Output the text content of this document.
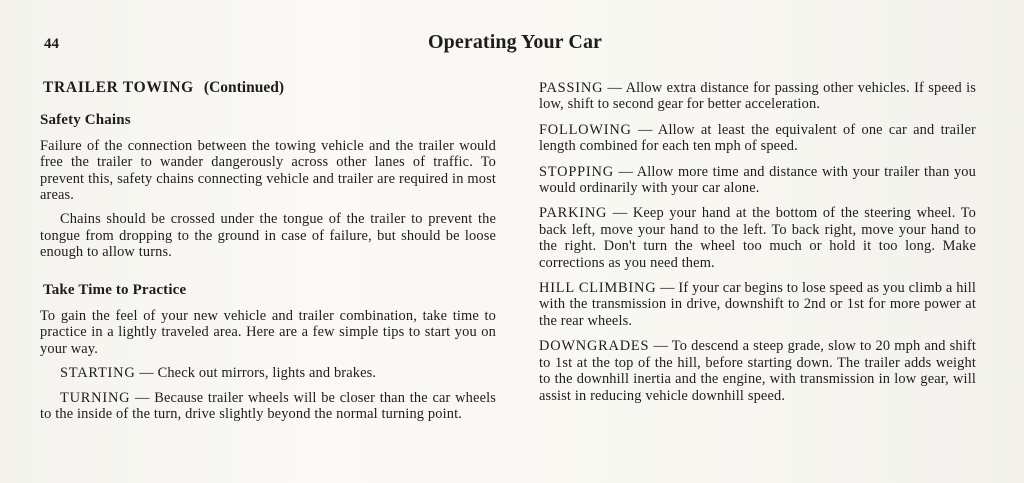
44	Operating Your Car
TRAILER TOWING (Continued)
Safety Chains

Failure of the connection between the towing vehicle and the trailer would free the trailer to wander dangerously across other lanes of traffic. To prevent this, safety chains connecting vehicle and trailer are required in most areas.

Chains should be crossed under the tongue of the trailer to prevent the tongue from dropping to the ground in case of failure, but should be loose enough to allow turns.

Take Time to Practice

To gain the feel of your new vehicle and trailer combination, take time to practice in a lightly traveled area. Here are a few simple tips to start you on your way.

STARTING — Check out mirrors, lights and brakes.

TURNING — Because trailer wheels will be closer than the car wheels to the inside of the turn, drive slightly beyond the normal turning point.

PASSING — Allow extra distance for passing other vehicles. If speed is low, shift to second gear for better acceleration.

FOLLOWING — Allow at least the equivalent of one car and trailer length combined for each ten mph of speed.

STOPPING — Allow more time and distance with your trailer than you would ordinarily with your car alone.

PARKING — Keep your hand at the bottom of the steering wheel. To back left, move your hand to the left. To back right, move your hand to the right. Don't turn the wheel too much or hold it too long. Make corrections as you need them.

HILL CLIMBING — If your car begins to lose speed as you climb a hill with the transmission in drive, downshift to 2nd or 1st for more power at the rear wheels.

DOWNGRADES — To descend a steep grade, slow to 20 mph and shift to 1st at the top of the hill, before starting down. The trailer adds weight to the downhill inertia and the engine, with transmission in low gear, will assist in reducing vehicle downhill speed.
